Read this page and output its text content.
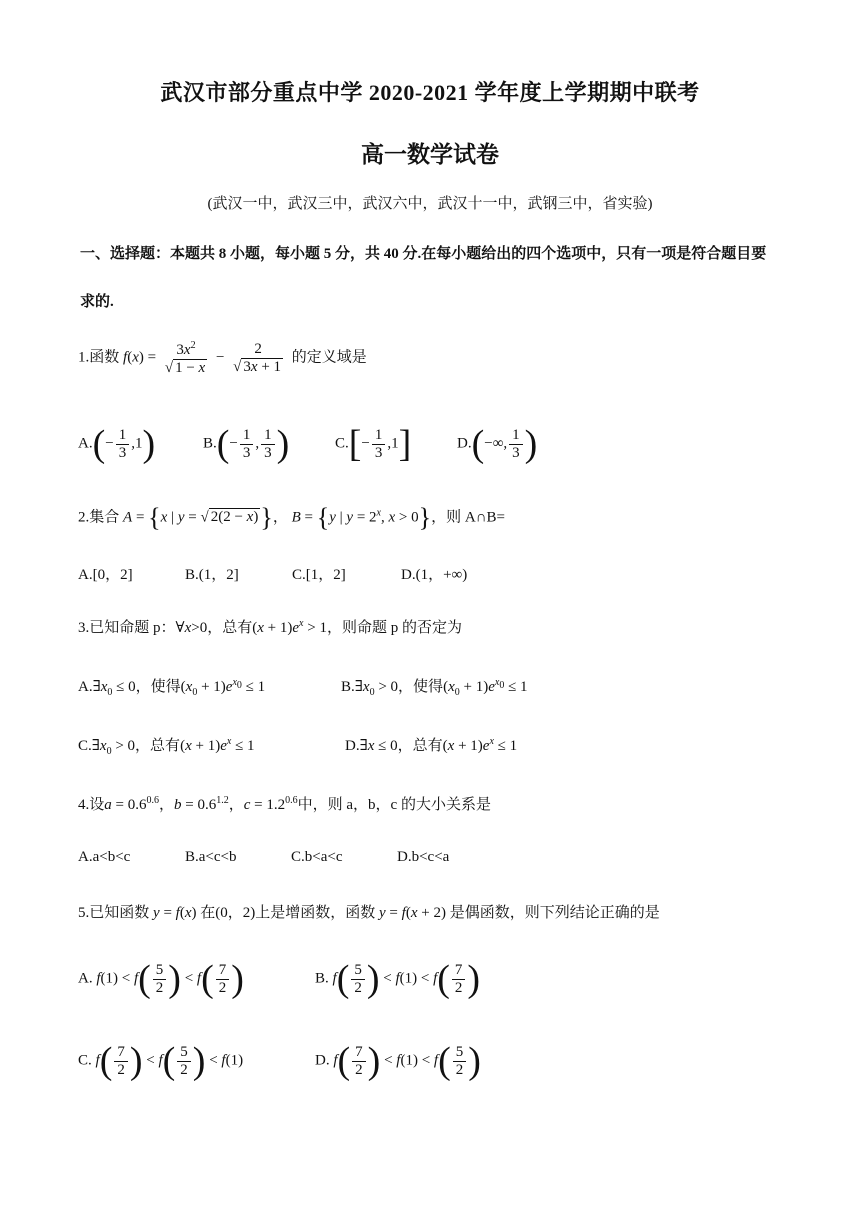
武汉市部分重点中学 2020-2021 学年度上学期期中联考
高一数学试卷
(武汉一中，武汉三中，武汉六中，武汉十一中，武钢三中，省实验)
一、选择题：本题共 8 小题，每小题 5 分，共 40 分.在每小题给出的四个选项中，只有一项是符合题目要
求的.
1.函数 $f(x) = \frac{3x^2}{√ 1 - x} - \frac{2}{√ 3x + 1}$ 的定义域是
$A.(- \frac{1}{3} ,1)$	$B.(- \frac{1}{3}$ , $\frac{1}{3}$ )	$C.[- \frac{1}{3} ,1]$	D.(−∞, $\frac{1}{3}$ )
2.集合 A = {x | y = √ 2(2 − x)}， B = {y | $y = 2^x$, x > 0}，则 A∩B=
A.[0，2]	B.(1，2]	C.[1，2]	D.(1，+∞)
3.已知命题 p：∀x>0，总有$(x + 1)e^x > 1$，则命题 p 的否定为
$A.\exists x_0 \le 0$，使得$(x_0 + 1)e^{x_0} \le 1$	$B.\exists x_0 > 0$，使得$(x_0 + 1)e^{x_0} \le 1$
$C.\exists x_0 > 0$，总有$(x + 1)e^x \le 1$	D.∃x ≤ 0，总有$(x + 1)e^x \le 1$
4.设$a = 0.6^{0.6}$，$b = 0.6^{1.2}$，$c = 1.2^{0.6}$中，则 a，b，c 的大小关系是
A.a<b<c	B.a<c<b	C.b<a<c	D.b<c<a
5.已知函数 y = f(x) 在(0，2)上是增函数，函数 y = f(x + 2) 是偶函数，则下列结论正确的是
A. $f(1) < f( \frac{5}{2}$ ) < $f( \frac{7}{2}$ )	B. $f( \frac{5}{2}$ ) < $f(1) < f( \frac{7}{2}$ )
C. $f( \frac{7}{2}$ ) < $f( \frac{5}{2}$ ) < f(1)	D. $f( \frac{7}{2}$ ) < $f(1) < f( \frac{5}{2}$ )
